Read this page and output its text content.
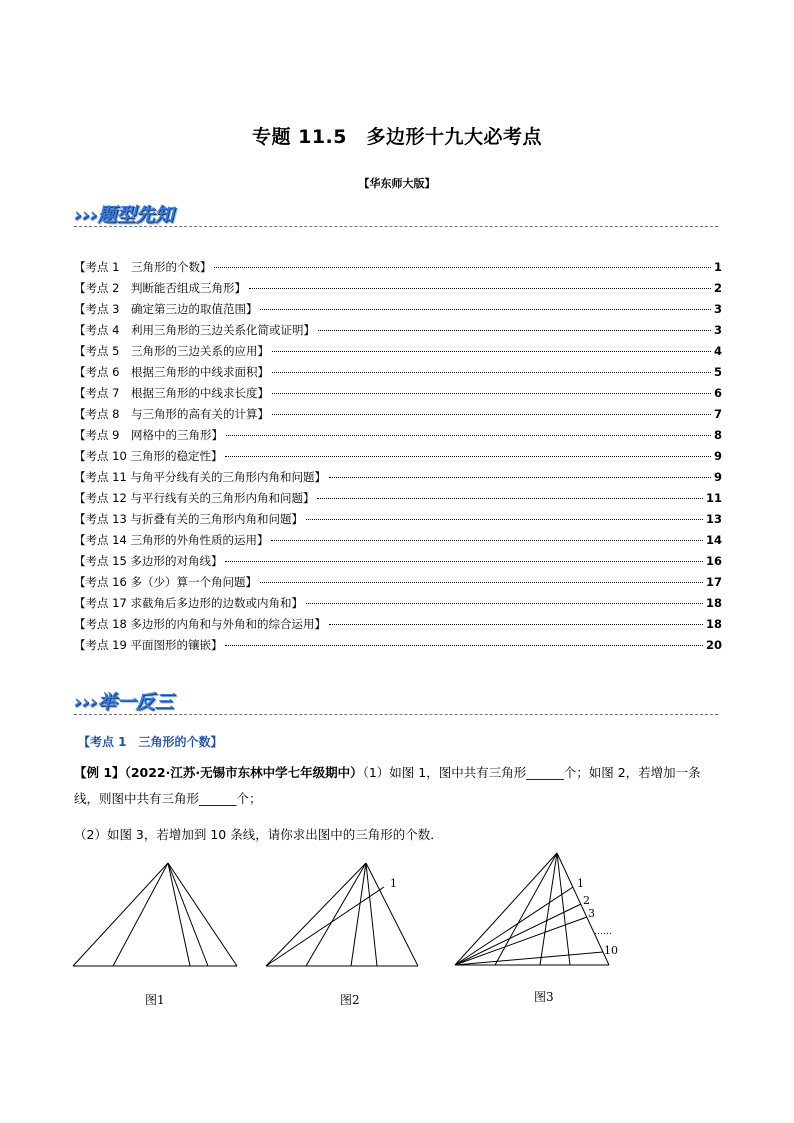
专题 11.5　多边形十九大必考点
【华东师大版】
›››题型先知
【考点 1　三角形的个数】	1
【考点 2　判断能否组成三角形】	2
【考点 3　确定第三边的取值范围】	3
【考点 4　利用三角形的三边关系化简或证明】	3
【考点 5　三角形的三边关系的应用】	4
【考点 6　根据三角形的中线求面积】	5
【考点 7　根据三角形的中线求长度】	6
【考点 8　与三角形的高有关的计算】	7
【考点 9　网格中的三角形】	8
【考点 10 三角形的稳定性】	9
【考点 11 与角平分线有关的三角形内角和问题】	9
【考点 12 与平行线有关的三角形内角和问题】	11
【考点 13 与折叠有关的三角形内角和问题】	13
【考点 14 三角形的外角性质的运用】	14
【考点 15 多边形的对角线】	16
【考点 16 多（少）算一个角问题】	17
【考点 17 求截角后多边形的边数或内角和】	18
【考点 18 多边形的内角和与外角和的综合运用】	18
【考点 19 平面图形的镶嵌】	20
›››举一反三
【考点 1　三角形的个数】
【例 1】（2022·江苏·无锡市东林中学七年级期中）（1）如图 1，图中共有三角形______个；如图 2，若增加一条线，则图中共有三角形______个；
（2）如图 3，若增加到 10 条线，请你求出图中的三角形的个数．
图1
1
图2
1
2
3
……
10
图3
